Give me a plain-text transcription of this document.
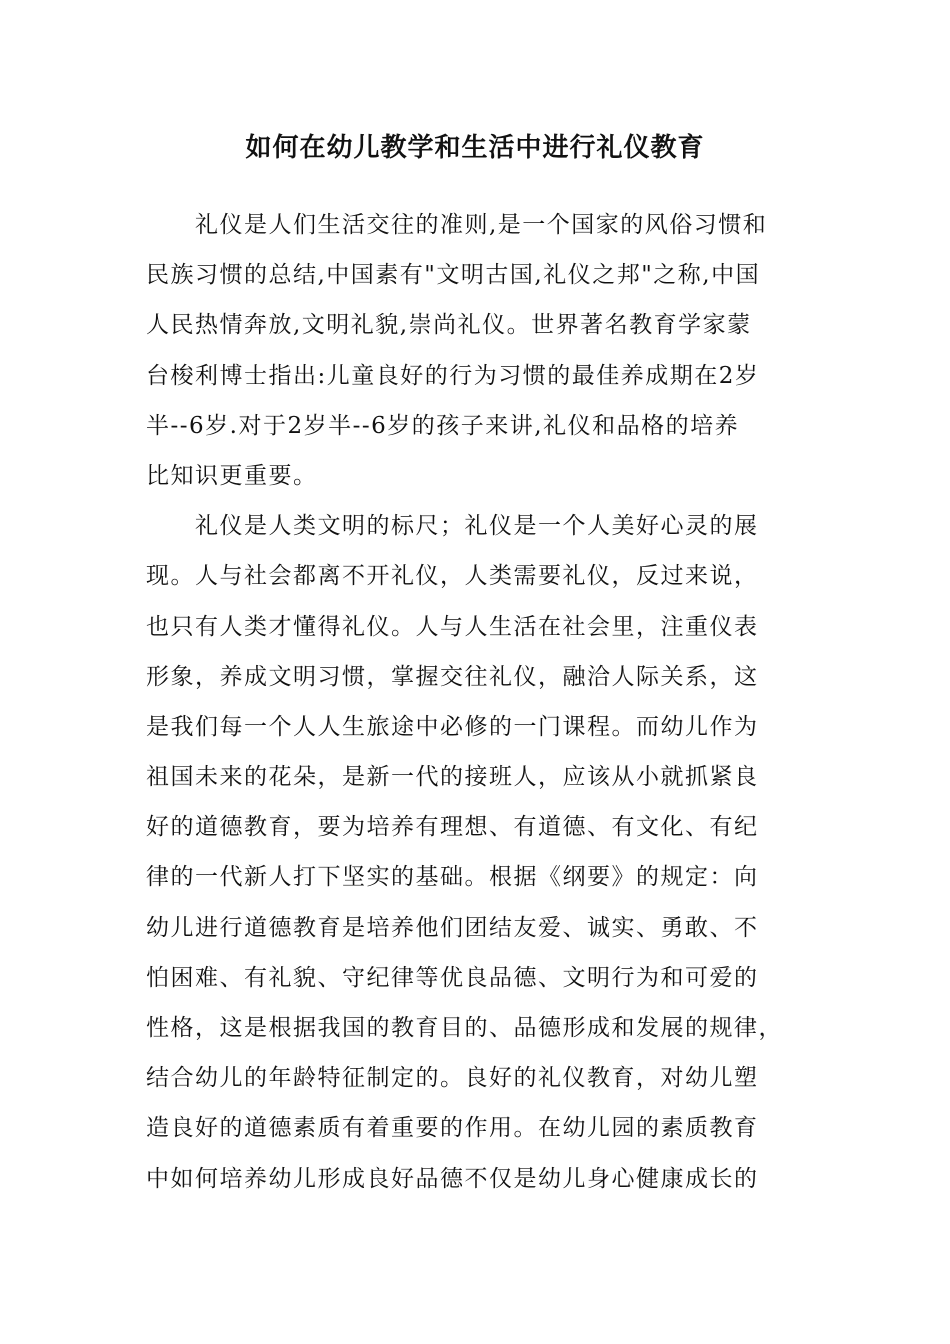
如何在幼儿教学和生活中进行礼仪教育
礼仪是人们生活交往的准则,是一个国家的风俗习惯和
民族习惯的总结,中国素有"文明古国,礼仪之邦"之称,中国
人民热情奔放,文明礼貌,崇尚礼仪。世界著名教育学家蒙
台梭利博士指出:儿童良好的行为习惯的最佳养成期在2岁
半--6岁.对于2岁半--6岁的孩子来讲,礼仪和品格的培养
比知识更重要。
礼仪是人类文明的标尺；礼仪是一个人美好心灵的展
现。人与社会都离不开礼仪，人类需要礼仪，反过来说，
也只有人类才懂得礼仪。人与人生活在社会里，注重仪表
形象，养成文明习惯，掌握交往礼仪，融洽人际关系，这
是我们每一个人人生旅途中必修的一门课程。而幼儿作为
祖国未来的花朵，是新一代的接班人，应该从小就抓紧良
好的道德教育，要为培养有理想、有道德、有文化、有纪
律的一代新人打下坚实的基础。根据《纲要》的规定：向
幼儿进行道德教育是培养他们团结友爱、诚实、勇敢、不
怕困难、有礼貌、守纪律等优良品德、文明行为和可爱的
性格，这是根据我国的教育目的、品德形成和发展的规律，
结合幼儿的年龄特征制定的。良好的礼仪教育，对幼儿塑
造良好的道德素质有着重要的作用。在幼儿园的素质教育
中如何培养幼儿形成良好品德不仅是幼儿身心健康成长的
